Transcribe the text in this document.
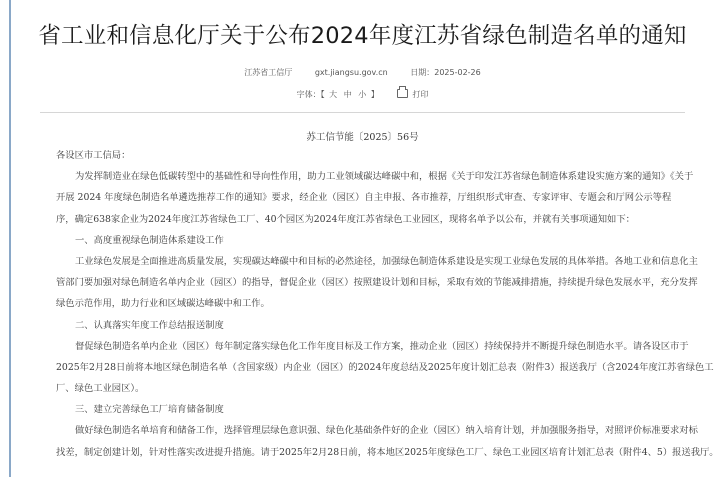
省工业和信息化厅关于公布2024年度江苏省绿色制造名单的通知
江苏省工信厅	gxt.jiangsu.gov.cn	日期：2025-02-26
字体：【 大 中 小 】	打印
苏工信节能〔2025〕56号
各设区市工信局：
为发挥制造业在绿色低碳转型中的基础性和导向性作用，助力工业领域碳达峰碳中和，根据《关于印发江苏省绿色制造体系建设实施方案的通知》《关于
开展 2024 年度绿色制造名单遴选推荐工作的通知》要求，经企业（园区）自主申报、各市推荐，厅组织形式审查、专家评审、专题会和厅网公示等程
序，确定638家企业为2024年度江苏省绿色工厂、40个园区为2024年度江苏省绿色工业园区，现将名单予以公布，并就有关事项通知如下：
一、高度重视绿色制造体系建设工作
工业绿色发展是全面推进高质量发展，实现碳达峰碳中和目标的必然途径，加强绿色制造体系建设是实现工业绿色发展的具体举措。各地工业和信息化主
管部门要加强对绿色制造名单内企业（园区）的指导，督促企业（园区）按照建设计划和目标，采取有效的节能减排措施，持续提升绿色发展水平，充分发挥
绿色示范作用，助力行业和区域碳达峰碳中和工作。
二、认真落实年度工作总结报送制度
督促绿色制造名单内企业（园区）每年制定落实绿色化工作年度目标及工作方案，推动企业（园区）持续保持并不断提升绿色制造水平。请各设区市于
2025年2月28日前将本地区绿色制造名单（含国家级）内企业（园区）的2024年度总结及2025年度计划汇总表（附件3）报送我厅（含2024年度江苏省绿色工
厂、绿色工业园区）。
三、建立完善绿色工厂培育储备制度
做好绿色制造名单培育和储备工作，选择管理层绿色意识强、绿色化基础条件好的企业（园区）纳入培育计划，并加强服务指导，对照评价标准要求对标
找差，制定创建计划，针对性落实改进提升措施。请于2025年2月28日前，将本地区2025年度绿色工厂、绿色工业园区培育计划汇总表（附件4、5）报送我厅。
